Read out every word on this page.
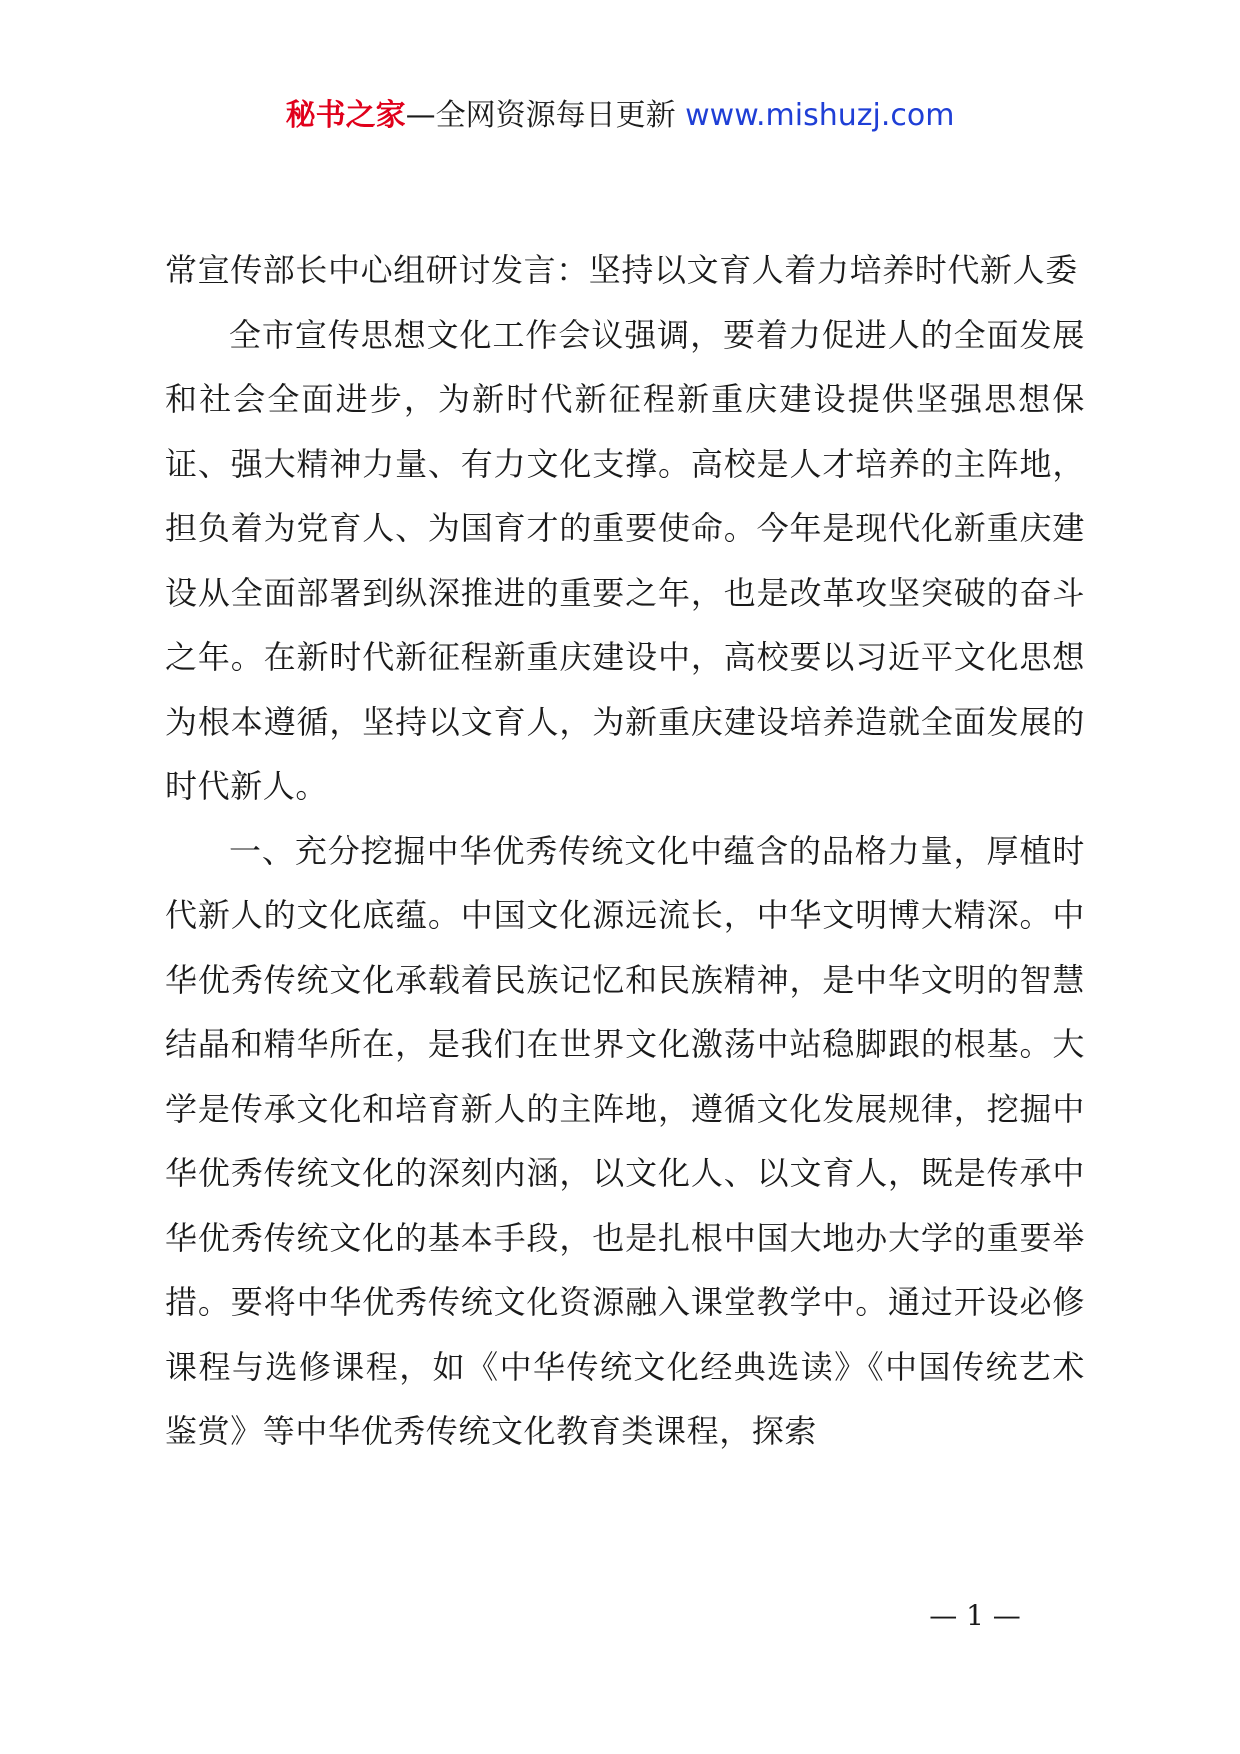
秘书之家—全网资源每日更新 www.mishuzj.com

常宣传部长中心组研讨发言：坚持以文育人着力培养时代新人委

全市宣传思想文化工作会议强调，要着力促进人的全面发展和社会全面进步，为新时代新征程新重庆建设提供坚强思想保证、强大精神力量、有力文化支撑。高校是人才培养的主阵地，担负着为党育人、为国育才的重要使命。今年是现代化新重庆建设从全面部署到纵深推进的重要之年，也是改革攻坚突破的奋斗之年。在新时代新征程新重庆建设中，高校要以习近平文化思想为根本遵循，坚持以文育人，为新重庆建设培养造就全面发展的时代新人。

一、充分挖掘中华优秀传统文化中蕴含的品格力量，厚植时代新人的文化底蕴。中国文化源远流长，中华文明博大精深。中华优秀传统文化承载着民族记忆和民族精神，是中华文明的智慧结晶和精华所在，是我们在世界文化激荡中站稳脚跟的根基。大学是传承文化和培育新人的主阵地，遵循文化发展规律，挖掘中华优秀传统文化的深刻内涵，以文化人、以文育人，既是传承中华优秀传统文化的基本手段，也是扎根中国大地办大学的重要举措。要将中华优秀传统文化资源融入课堂教学中。通过开设必修课程与选修课程，如《中华传统文化经典选读》《中国传统艺术鉴赏》等中华优秀传统文化教育类课程，探索

— 1 —
